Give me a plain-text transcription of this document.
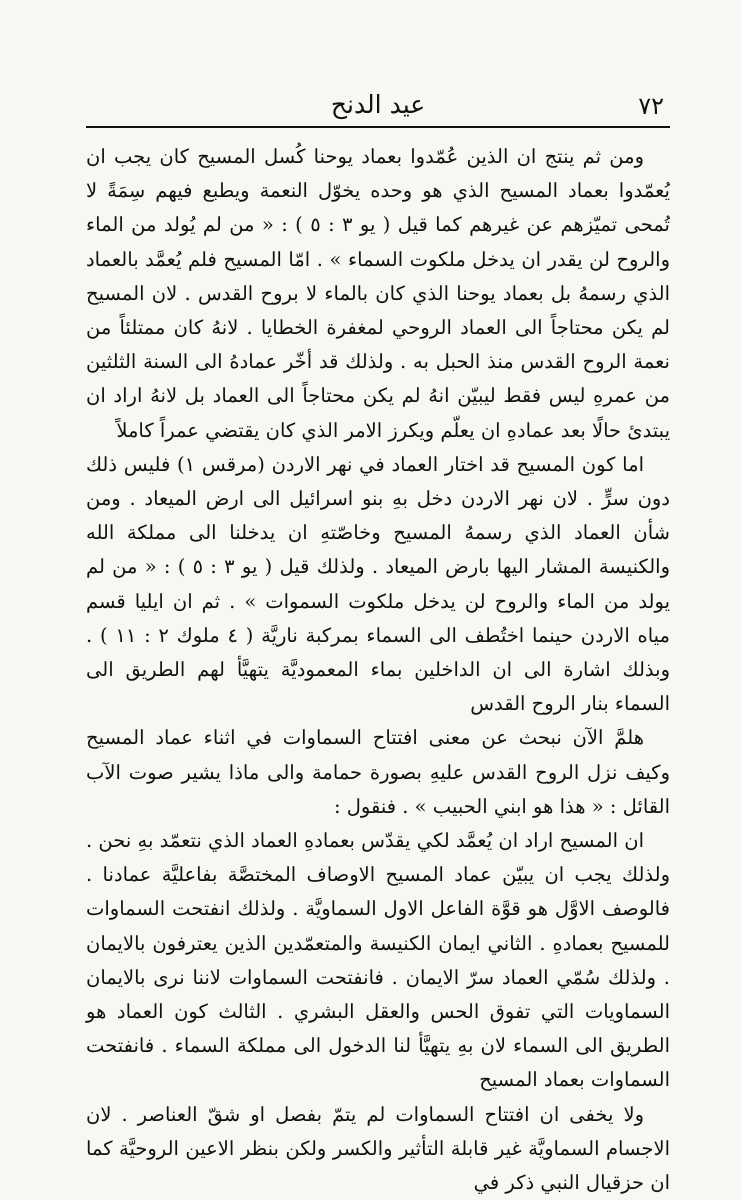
٧٢
عيد الدنح

ومن ثم ينتج ان الذين عُمّدوا بعماد يوحنا كُسل المسيح كان يجب ان يُعمّدوا بعماد المسيح الذي هو وحده يخوّل النعمة ويطبع فيهم سِمَةً لا تُمحى تميّزهم عن غيرهم كما قيل ( يو ٣ : ٥ ) : « من لم يُولد من الماء والروح لن يقدر ان يدخل ملكوت السماء » . امّا المسيح فلم يُعمَّد بالعماد الذي رسمهُ بل بعماد يوحنا الذي كان بالماء لا بروح القدس . لان المسيح لم يكن محتاجاً الى العماد الروحي لمغفرة الخطايا . لانهُ كان ممتلئاً من نعمة الروح القدس منذ الحبل به . ولذلك قد أخّر عمادهُ الى السنة الثلثين من عمرهِ ليس فقط ليبيّن انهُ لم يكن محتاجاً الى العماد بل لانهُ اراد ان يبتدئ حالًا بعد عمادهِ ان يعلّم ويكرز الامر الذي كان يقتضي عمراً كاملاً

اما كون المسيح قد اختار العماد في نهر الاردن (مرقس ١) فليس ذلك دون سرٍّ . لان نهر الاردن دخل بهِ بنو اسرائيل الى ارض الميعاد . ومن شأن العماد الذي رسمهُ المسيح وخاصّتهِ ان يدخلنا الى مملكة الله والكنيسة المشار اليها بارض الميعاد . ولذلك قيل ( يو ٣ : ٥ ) : « من لم يولد من الماء والروح لن يدخل ملكوت السموات » . ثم ان ايليا قسم مياه الاردن حينما اختُطف الى السماء بمركبة ناريَّة ( ٤ ملوك ٢ : ١١ ) . وبذلك اشارة الى ان الداخلين بماء المعموديَّة يتهيَّأ لهم الطريق الى السماء بنار الروح القدس

هلمَّ الآن نبحث عن معنى افتتاح السماوات في اثناء عماد المسيح وكيف نزل الروح القدس عليهِ بصورة حمامة والى ماذا يشير صوت الآب القائل : « هذا هو ابني الحبيب » . فنقول :

ان المسيح اراد ان يُعمَّد لكي يقدّس بعمادهِ العماد الذي نتعمّد بهِ نحن . ولذلك يجب ان يبيّن عماد المسيح الاوصاف المختصَّة بفاعليَّة عمادنا . فالوصف الاوَّل هو قوَّة الفاعل الاول السماويَّة . ولذلك انفتحت السماوات للمسيح بعمادهِ . الثاني ايمان الكنيسة والمتعمّدين الذين يعترفون بالايمان . ولذلك سُمّي العماد سرّ الايمان . فانفتحت السماوات لاننا نرى بالايمان السماويات التي تفوق الحس والعقل البشري . الثالث كون العماد هو الطريق الى السماء لان بهِ يتهيَّأ لنا الدخول الى مملكة السماء . فانفتحت السماوات بعماد المسيح

ولا يخفى ان افتتاح السماوات لم يتمّ بفصل او شقّ العناصر . لان الاجسام السماويَّة غير قابلة التأثير والكسر ولكن بنظر الاعين الروحيَّة كما ان حزقيال النبي ذكر في
